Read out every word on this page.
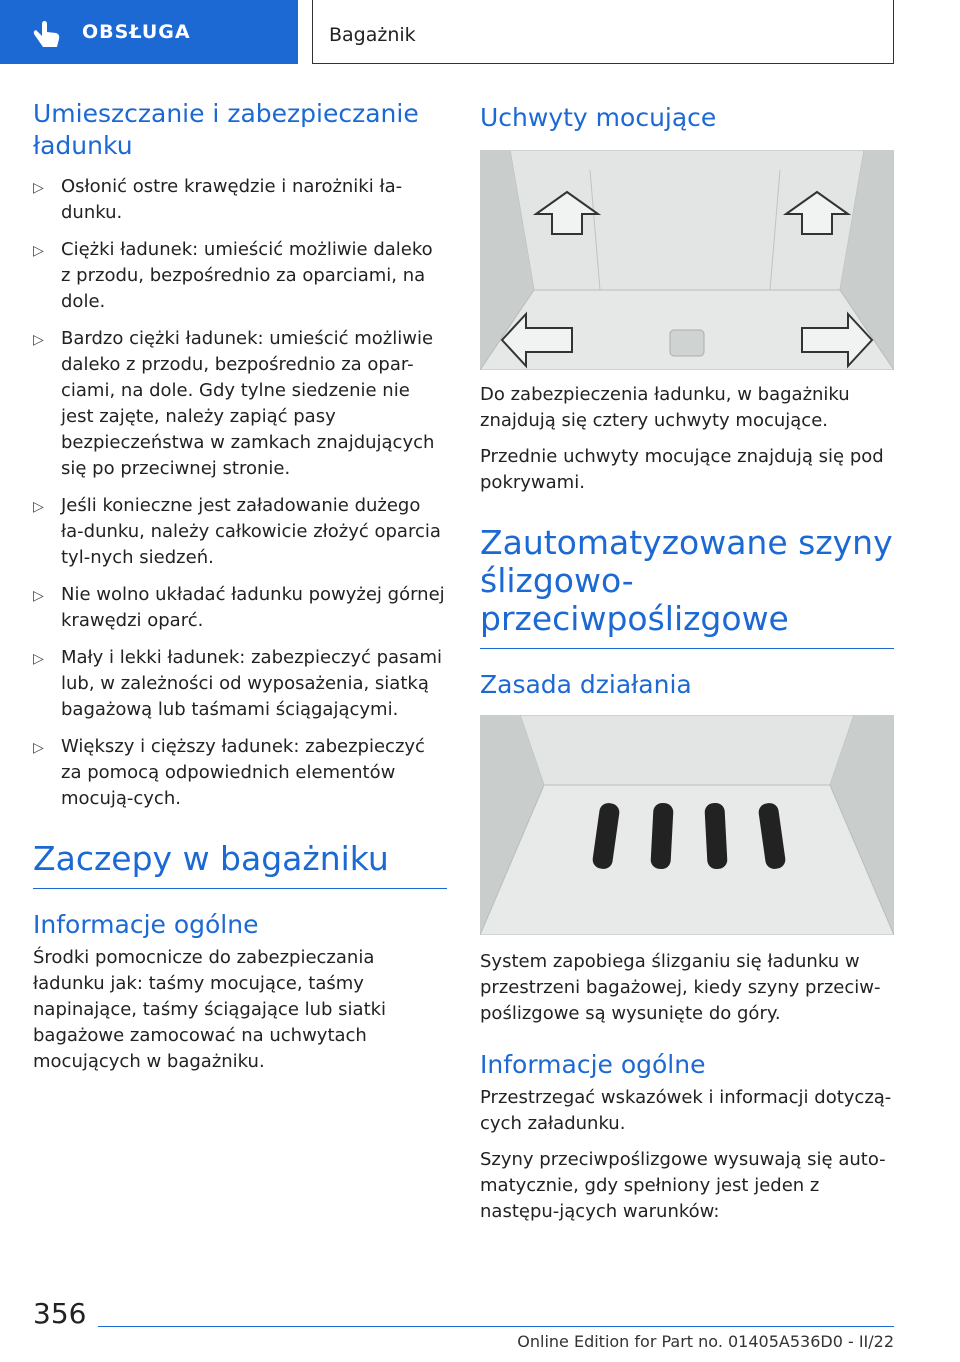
OBSŁUGA	Bagażnik
Umieszczanie i zabezpieczanie ładunku
▷ Osłonić ostre krawędzie i narożniki ła-dunku.
▷ Ciężki ładunek: umieścić możliwie daleko z przodu, bezpośrednio za oparciami, na dole.
▷ Bardzo ciężki ładunek: umieścić możliwie daleko z przodu, bezpośrednio za opar-ciami, na dole. Gdy tylne siedzenie nie jest zajęte, należy zapiąć pasy bezpieczeństwa w zamkach znajdujących się po przeciwnej stronie.
▷ Jeśli konieczne jest załadowanie dużego ła-dunku, należy całkowicie złożyć oparcia tyl-nych siedzeń.
▷ Nie wolno układać ładunku powyżej górnej krawędzi oparć.
▷ Mały i lekki ładunek: zabezpieczyć pasami lub, w zależności od wyposażenia, siatką bagażową lub taśmami ściągającymi.
▷ Większy i cięższy ładunek: zabezpieczyć za pomocą odpowiednich elementów mocują-cych.
Zaczepy w bagażniku
Informacje ogólne

Środki pomocnicze do zabezpieczania ładunku jak: taśmy mocujące, taśmy napinające, taśmy ściągające lub siatki bagażowe zamocować na uchwytach mocujących w bagażniku.

Uchwyty mocujące

Do zabezpieczenia ładunku, w bagażniku znajdują się cztery uchwyty mocujące.

Przednie uchwyty mocujące znajdują się pod pokrywami.

Zautomatyzowane szyny ślizgowo-przeciwpoślizgowe
Zasada działania

System zapobiega ślizganiu się ładunku w przestrzeni bagażowej, kiedy szyny przeciw-poślizgowe są wysunięte do góry.

Informacje ogólne

Przestrzegać wskazówek i informacji dotyczą-cych załadunku.

Szyny przeciwpoślizgowe wysuwają się auto-matycznie, gdy spełniony jest jeden z następu-jących warunków:

356
Online Edition for Part no. 01405A536D0 - II/22
